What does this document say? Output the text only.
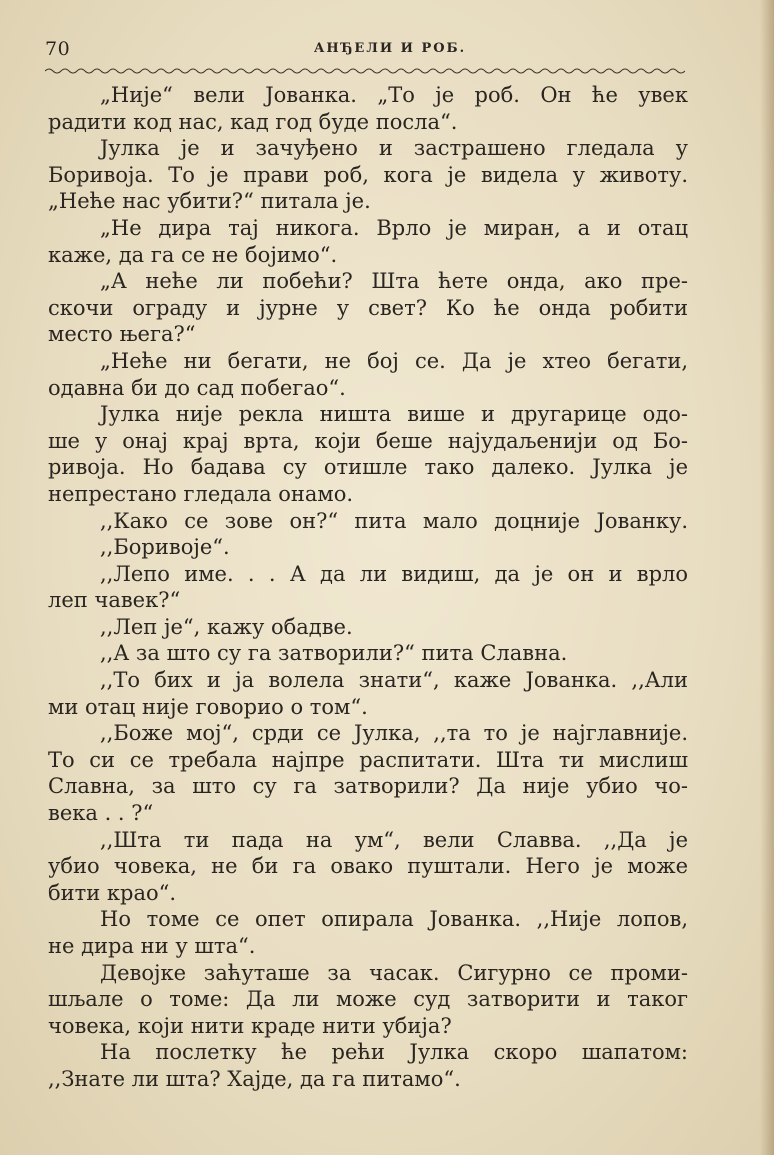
70	АНЂЕЛИ И РОБ.
„Није“ вели Јованка. „То је роб. Он ће увек
радити код нас, кад год буде посла“.
Јулка је и зачуђено и застрашено гледала у
Боривоја. То је прави роб, кога је видела у животу.
„Неће нас убити?“ питала је.
„Не дира тај никога. Врло је миран, а и отац
каже, да га се не бојимо“.
„А неће ли побећи? Шта ћете онда, ако пре-
скочи ограду и јурне у свет? Ко ће онда робити
место њега?“
„Неће ни бегати, не бој се. Да је хтео бегати,
одавна би до сад побегао“.
Јулка није рекла ништа више и другарице одо-
ше у онај крај врта, који беше најудаљенији од Бо-
ривоја. Но бадава су отишле тако далеко. Јулка је
непрестано гледала онамо.
,,Како се зове он?“ пита мало доцније Јованку.
,,Боривоје“.
,,Лепо име. . . А да ли видиш, да је он и врло
леп чавек?“
,,Леп је“, кажу обадве.
,,А за што су га затворили?“ пита Славна.
,,То бих и ја волела знати“, каже Јованка. ,,Али
ми отац није говорио о том“.
,,Боже мој“, срди се Јулка, ,,та то је најглавније.
То си се требала најпре распитати. Шта ти мислиш
Славна, за што су га затворили? Да није убио чо-
века . . ?“
,,Шта ти пада на ум“, вели Славва. ,,Да је
убио човека, не би га овако пуштали. Него је може
бити крао“.
Но томе се опет опирала Јованка. ,,Није лопов,
не дира ни у шта“.
Девојке заћуташе за часак. Сигурно се проми-
шљале о томе: Да ли може суд затворити и таког
човека, који нити краде нити убија?
На послетку ће рећи Јулка скоро шапатом:
,,Знате ли шта? Хајде, да га питамо“.
